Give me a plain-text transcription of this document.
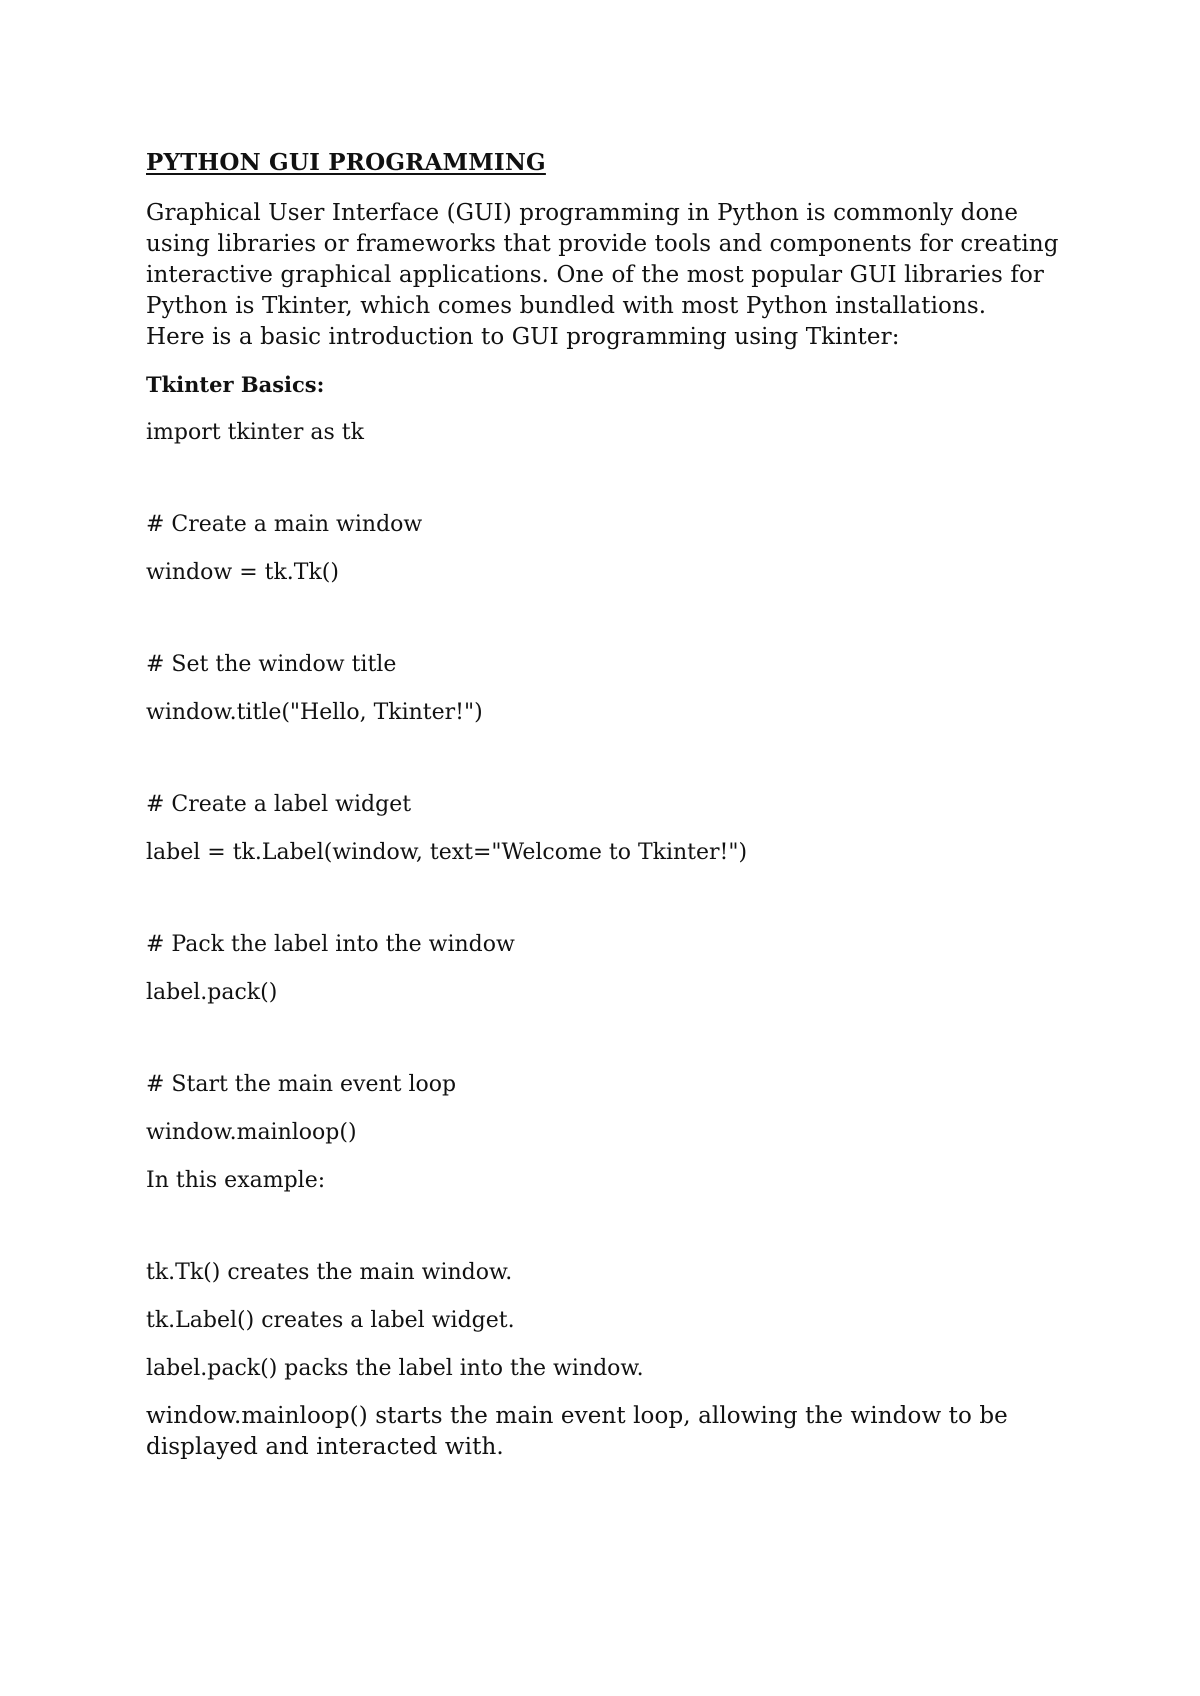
PYTHON GUI PROGRAMMING

Graphical User Interface (GUI) programming in Python is commonly done
using libraries or frameworks that provide tools and components for creating
interactive graphical applications. One of the most popular GUI libraries for
Python is Tkinter, which comes bundled with most Python installations.
Here is a basic introduction to GUI programming using Tkinter:

Tkinter Basics:
import tkinter as tk
# Create a main window
window = tk.Tk()
# Set the window title
window.title("Hello, Tkinter!")
# Create a label widget
label = tk.Label(window, text="Welcome to Tkinter!")
# Pack the label into the window
label.pack()
# Start the main event loop
window.mainloop()
In this example:
tk.Tk() creates the main window.
tk.Label() creates a label widget.
label.pack() packs the label into the window.

window.mainloop() starts the main event loop, allowing the window to be
displayed and interacted with.
